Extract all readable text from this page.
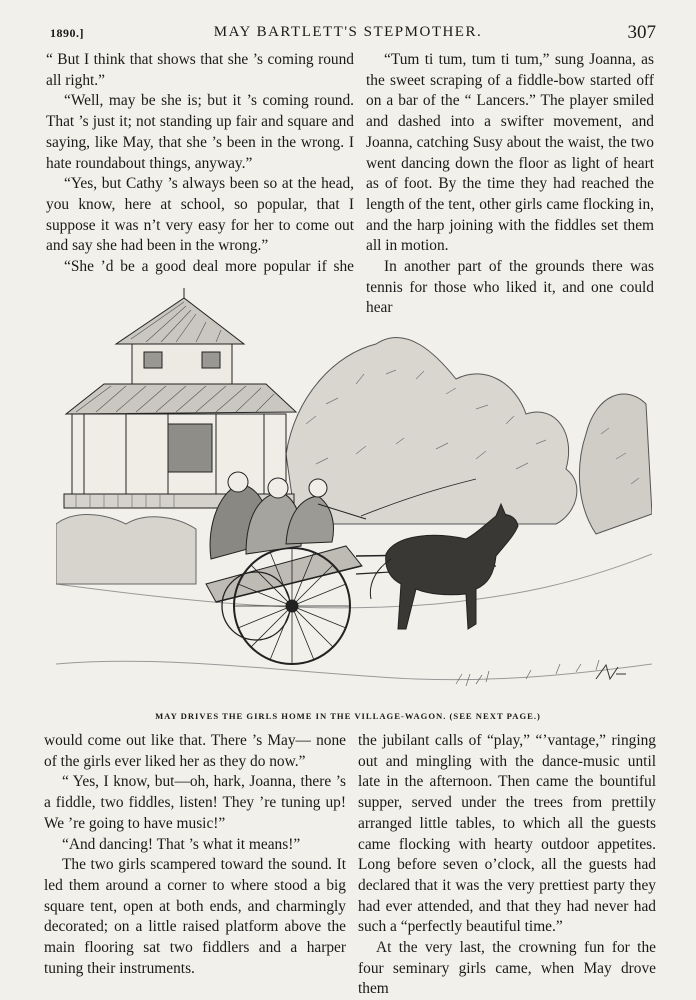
1890.]	MAY BARTLETT'S STEPMOTHER.	307

“ But I think that shows that she ’s coming round all right.”

“Well, may be she is; but it ’s coming round. That ’s just it; not standing up fair and square and saying, like May, that she ’s been in the wrong. I hate roundabout things, anyway.”

“Yes, but Cathy ’s always been so at the head, you know, here at school, so popular, that I suppose it was n’t very easy for her to come out and say she had been in the wrong.”

“She ’d be a good deal more popular if she

“Tum ti tum, tum ti tum,” sung Joanna, as the sweet scraping of a fiddle-bow started off on a bar of the “ Lancers.” The player smiled and dashed into a swifter movement, and Joanna, catching Susy about the waist, the two went dancing down the floor as light of heart as of foot. By the time they had reached the length of the tent, other girls came flocking in, and the harp joining with the fiddles set them all in motion.

In another part of the grounds there was tennis for those who liked it, and one could hear

MAY DRIVES THE GIRLS HOME IN THE VILLAGE-WAGON. (SEE NEXT PAGE.)

would come out like that. There ’s May— none of the girls ever liked her as they do now.”

“ Yes, I know, but—oh, hark, Joanna, there ’s a fiddle, two fiddles, listen! They ’re tuning up! We ’re going to have music!”

“And dancing! That ’s what it means!”

The two girls scampered toward the sound. It led them around a corner to where stood a big square tent, open at both ends, and charmingly decorated; on a little raised platform above the main flooring sat two fiddlers and a harper tuning their instruments.

the jubilant calls of “play,” “’vantage,” ringing out and mingling with the dance-music until late in the afternoon. Then came the bountiful supper, served under the trees from prettily arranged little tables, to which all the guests came flocking with hearty outdoor appetites. Long before seven o’clock, all the guests had declared that it was the very prettiest party they had ever attended, and that they had never had such a “perfectly beautiful time.”

At the very last, the crowning fun for the four seminary girls came, when May drove them
